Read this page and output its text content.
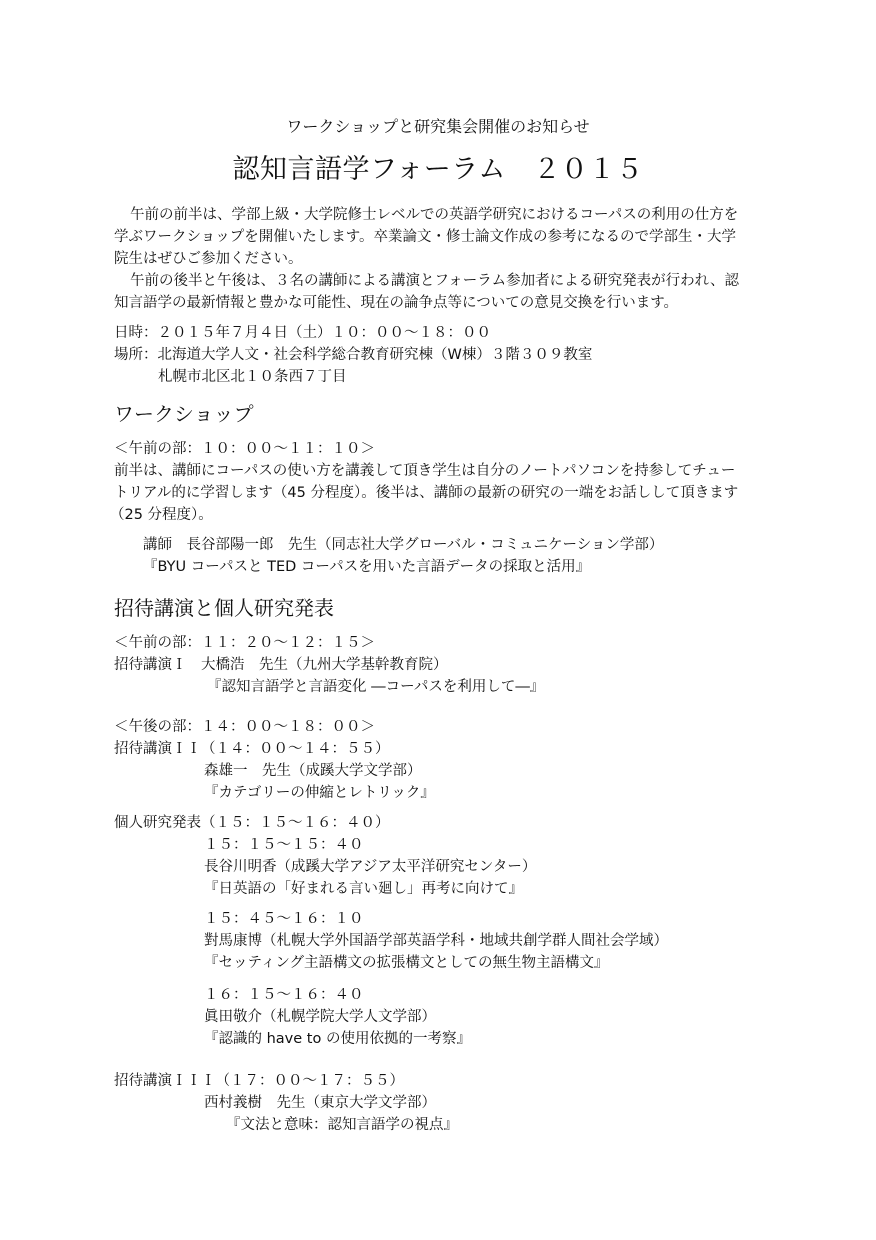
ワークショップと研究集会開催のお知らせ
認知言語学フォーラム　２０１５
午前の前半は、学部上級・大学院修士レベルでの英語学研究におけるコーパスの利用の仕方を
学ぶワークショップを開催いたします。卒業論文・修士論文作成の参考になるので学部生・大学
院生はぜひご参加ください。
午前の後半と午後は、３名の講師による講演とフォーラム参加者による研究発表が行われ、認
知言語学の最新情報と豊かな可能性、現在の論争点等についての意見交換を行います。
日時：２０１５年７月４日（土）１０：００～１８：００
場所：北海道大学人文・社会科学総合教育研究棟（W棟）３階３０９教室
札幌市北区北１０条西７丁目
ワークショップ
＜午前の部：１０：００～１１：１０＞
前半は、講師にコーパスの使い方を講義して頂き学生は自分のノートパソコンを持参してチュー
トリアル的に学習します（45 分程度）。後半は、講師の最新の研究の一端をお話しして頂きます
（25 分程度）。
講師　長谷部陽一郎　先生（同志社大学グローバル・コミュニケーション学部）
『BYU コーパスと TED コーパスを用いた言語データの採取と活用』
招待講演と個人研究発表
＜午前の部：１１：２０～１２：１５＞
招待講演Ｉ　大橋浩　先生（九州大学基幹教育院）
『認知言語学と言語変化 ―コーパスを利用して―』
＜午後の部：１４：００～１８：００＞
招待講演ＩＩ（１４：００～１４：５５）
森雄一　先生（成蹊大学文学部）
『カテゴリーの伸縮とレトリック』
個人研究発表（１５：１５～１６：４０）
１５：１５～１５：４０
長谷川明香（成蹊大学アジア太平洋研究センター）
『日英語の「好まれる言い廻し」再考に向けて』
１５：４５～１６：１０
對馬康博（札幌大学外国語学部英語学科・地域共創学群人間社会学域）
『セッティング主語構文の拡張構文としての無生物主語構文』
１６：１５～１６：４０
眞田敬介（札幌学院大学人文学部）
『認識的 have to の使用依拠的一考察』
招待講演ＩＩＩ（１７：００～１７：５５）
西村義樹　先生（東京大学文学部）
『文法と意味：認知言語学の視点』
